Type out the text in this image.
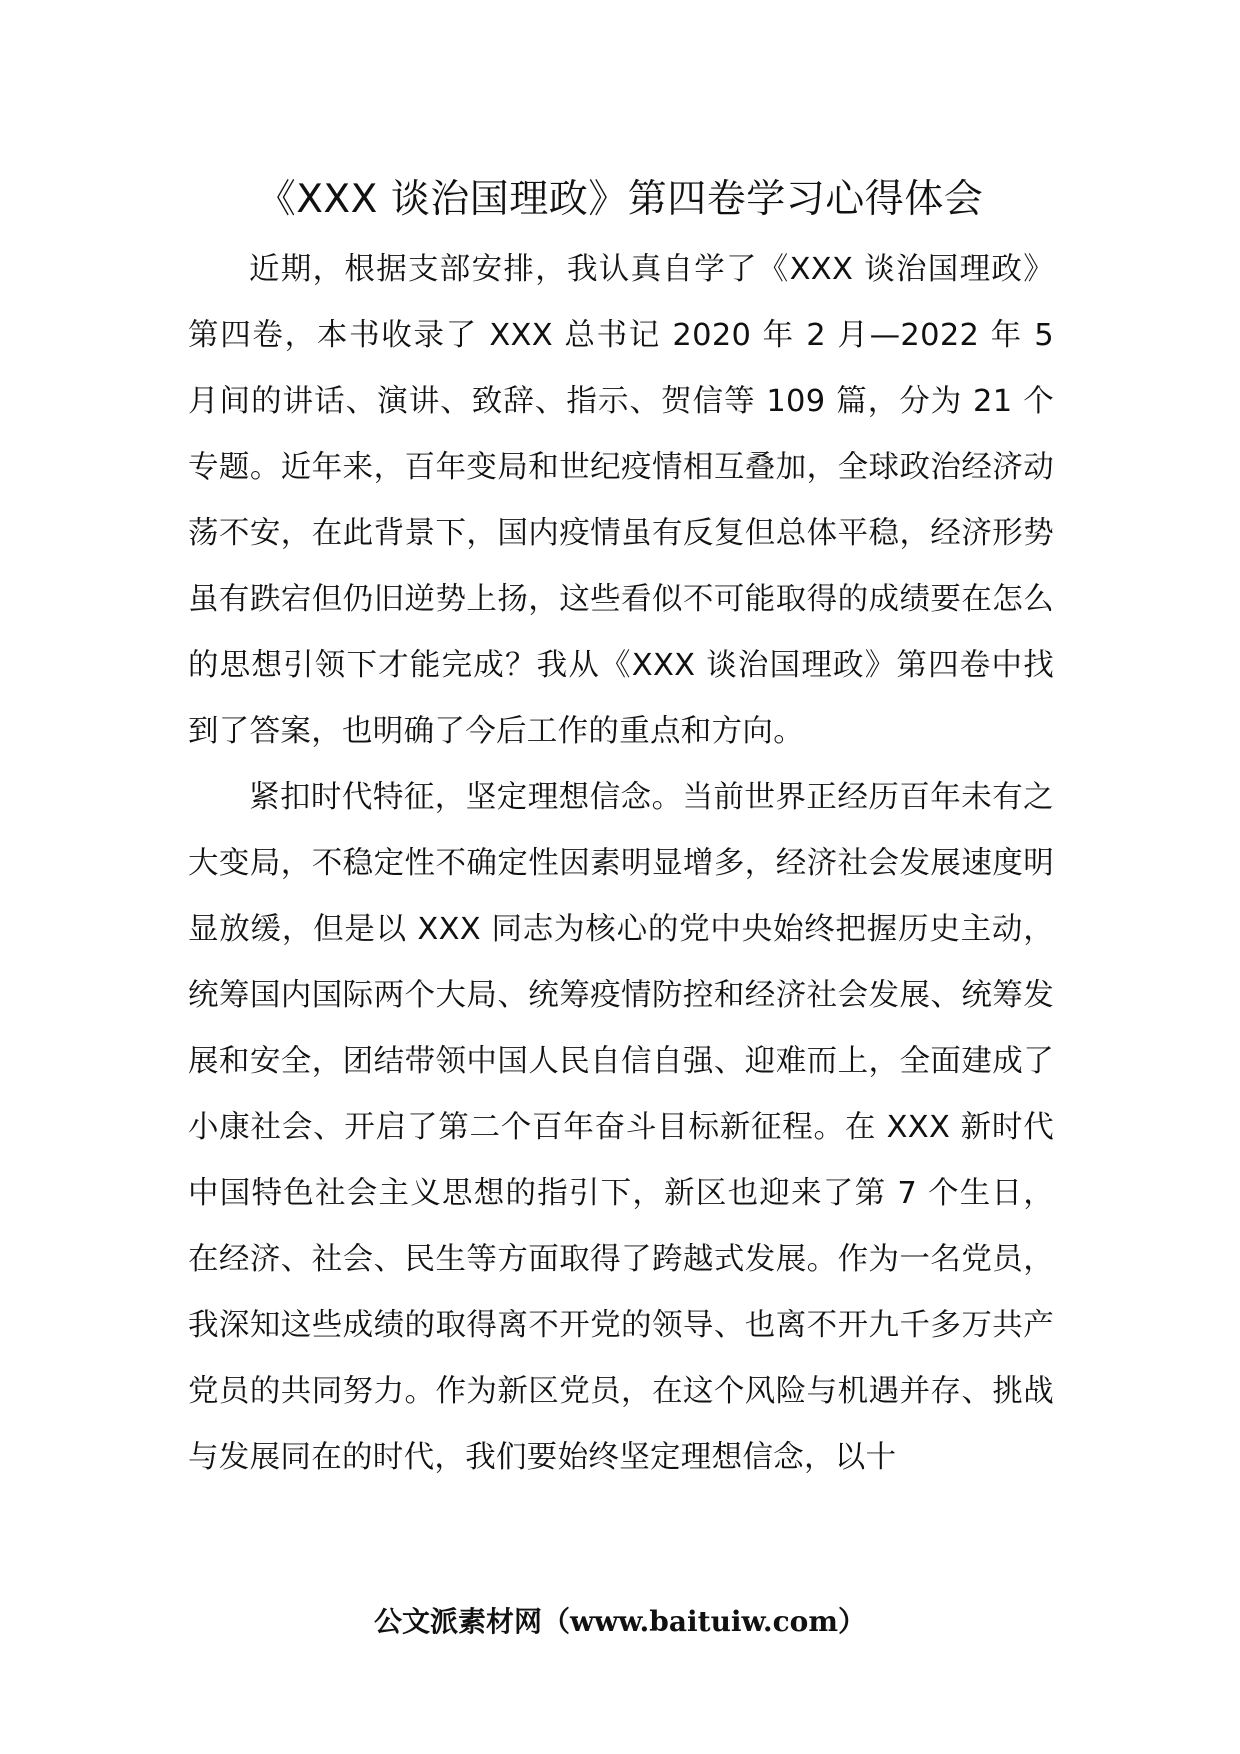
《XXX 谈治国理政》第四卷学习心得体会

近期，根据支部安排，我认真自学了《XXX 谈治国理政》第四卷，本书收录了 XXX 总书记 2020 年 2 月—2022 年 5 月间的讲话、演讲、致辞、指示、贺信等 109 篇，分为 21 个专题。近年来，百年变局和世纪疫情相互叠加，全球政治经济动荡不安，在此背景下，国内疫情虽有反复但总体平稳，经济形势虽有跌宕但仍旧逆势上扬，这些看似不可能取得的成绩要在怎么的思想引领下才能完成？我从《XXX 谈治国理政》第四卷中找到了答案，也明确了今后工作的重点和方向。

紧扣时代特征，坚定理想信念。当前世界正经历百年未有之大变局，不稳定性不确定性因素明显增多，经济社会发展速度明显放缓，但是以 XXX 同志为核心的党中央始终把握历史主动，统筹国内国际两个大局、统筹疫情防控和经济社会发展、统筹发展和安全，团结带领中国人民自信自强、迎难而上，全面建成了小康社会、开启了第二个百年奋斗目标新征程。在 XXX 新时代中国特色社会主义思想的指引下，新区也迎来了第 7 个生日，在经济、社会、民生等方面取得了跨越式发展。作为一名党员，我深知这些成绩的取得离不开党的领导、也离不开九千多万共产党员的共同努力。作为新区党员，在这个风险与机遇并存、挑战与发展同在的时代，我们要始终坚定理想信念，以十

公文派素材网（www.baituiw.com）
